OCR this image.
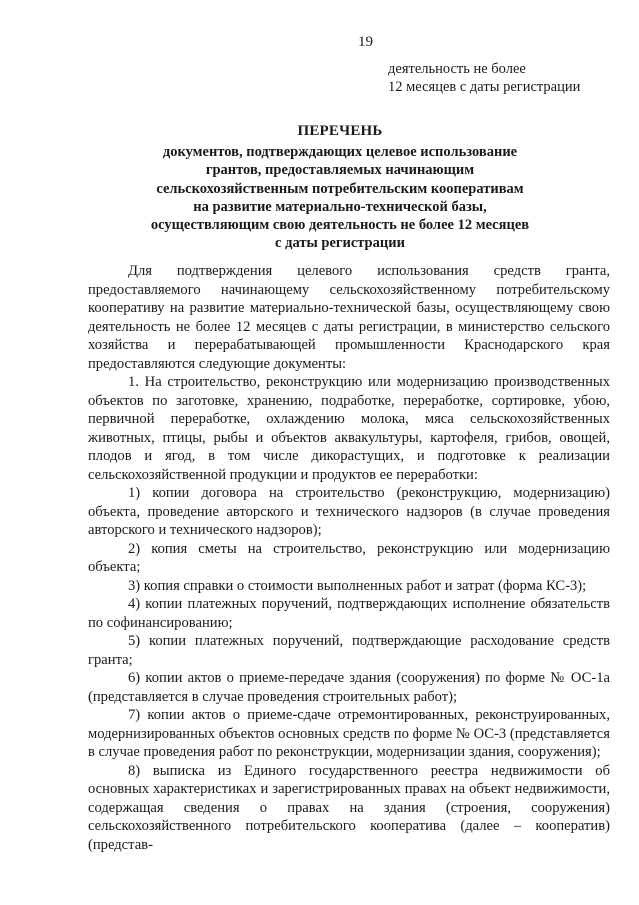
19
деятельность не более
12 месяцев с даты регистрации
ПЕРЕЧЕНЬ
документов, подтверждающих целевое использование
грантов, предоставляемых начинающим
сельскохозяйственным потребительским кооперативам
на развитие материально-технической базы,
осуществляющим свою деятельность не более 12 месяцев
с даты регистрации

Для подтверждения целевого использования средств гранта, предоставляемого начинающему сельскохозяйственному потребительскому кооперативу на развитие материально-технической базы, осуществляющему свою деятельность не более 12 месяцев с даты регистрации, в министерство сельского хозяйства и перерабатывающей промышленности Краснодарского края предоставляются следующие документы:

1. На строительство, реконструкцию или модернизацию производственных объектов по заготовке, хранению, подработке, переработке, сортировке, убою, первичной переработке, охлаждению молока, мяса сельскохозяйственных животных, птицы, рыбы и объектов аквакультуры, картофеля, грибов, овощей, плодов и ягод, в том числе дикорастущих, и подготовке к реализации сельскохозяйственной продукции и продуктов ее переработки:

1) копии договора на строительство (реконструкцию, модернизацию) объекта, проведение авторского и технического надзоров (в случае проведения авторского и технического надзоров);

2) копия сметы на строительство, реконструкцию или модернизацию объекта;

3) копия справки о стоимости выполненных работ и затрат (форма КС-3);

4) копии платежных поручений, подтверждающих исполнение обязательств по софинансированию;

5) копии платежных поручений, подтверждающие расходование средств гранта;

6) копии актов о приеме-передаче здания (сооружения) по форме № ОС-1а (представляется в случае проведения строительных работ);

7) копии актов о приеме-сдаче отремонтированных, реконструированных, модернизированных объектов основных средств по форме № ОС-3 (представляется в случае проведения работ по реконструкции, модернизации здания, сооружения);

8) выписка из Единого государственного реестра недвижимости об основных характеристиках и зарегистрированных правах на объект недвижимости, содержащая сведения о правах на здания (строения, сооружения) сельскохозяйственного потребительского кооператива (далее – кооператив) (представ-
